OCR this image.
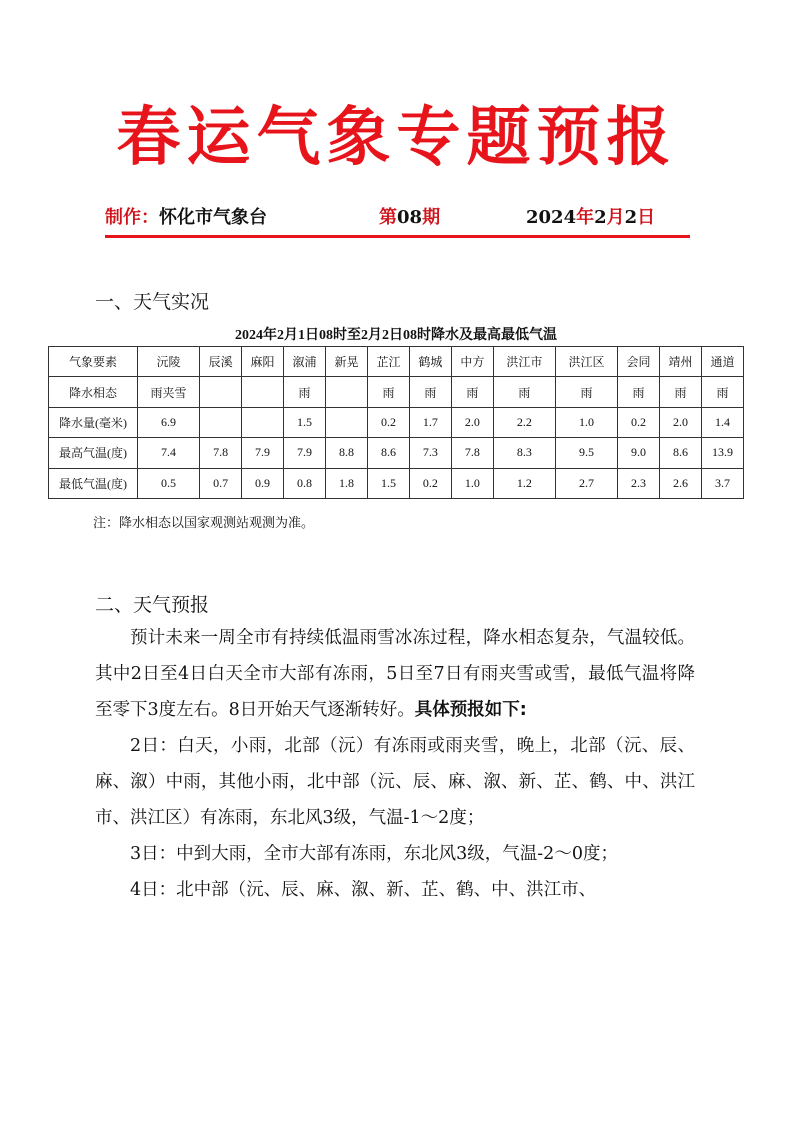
春运气象专题预报
制作： 怀化市气象台	第08期	2024年2月2日
一、天气实况
2024年2月1日08时至2月2日08时降水及最高最低气温
气象要素	沅陵	辰溪	麻阳	溆浦	新晃	芷江	鹤城	中方	洪江市	洪江区	会同	靖州	通道
降水相态	雨夹雪			雨		雨	雨	雨	雨	雨	雨	雨	雨
降水量(毫米)	6.9			1.5		0.2	1.7	2.0	2.2	1.0	0.2	2.0	1.4
最高气温(度)	7.4	7.8	7.9	7.9	8.8	8.6	7.3	7.8	8.3	9.5	9.0	8.6	13.9
最低气温(度)	0.5	0.7	0.9	0.8	1.8	1.5	0.2	1.0	1.2	2.7	2.3	2.6	3.7
注：降水相态以国家观测站观测为准。
二、天气预报

预计未来一周全市有持续低温雨雪冰冻过程，降水相态复杂，气温较低。其中2日至4日白天全市大部有冻雨，5日至7日有雨夹雪或雪，最低气温将降至零下3度左右。8日开始天气逐渐转好。具体预报如下:

2日：白天，小雨，北部（沅）有冻雨或雨夹雪，晚上，北部（沅、辰、麻、溆）中雨，其他小雨，北中部（沅、辰、麻、溆、新、芷、鹤、中、洪江市、洪江区）有冻雨，东北风3级，气温-1～2度；

3日：中到大雨，全市大部有冻雨，东北风3级，气温-2～0度；

4日：北中部（沅、辰、麻、溆、新、芷、鹤、中、洪江市、
